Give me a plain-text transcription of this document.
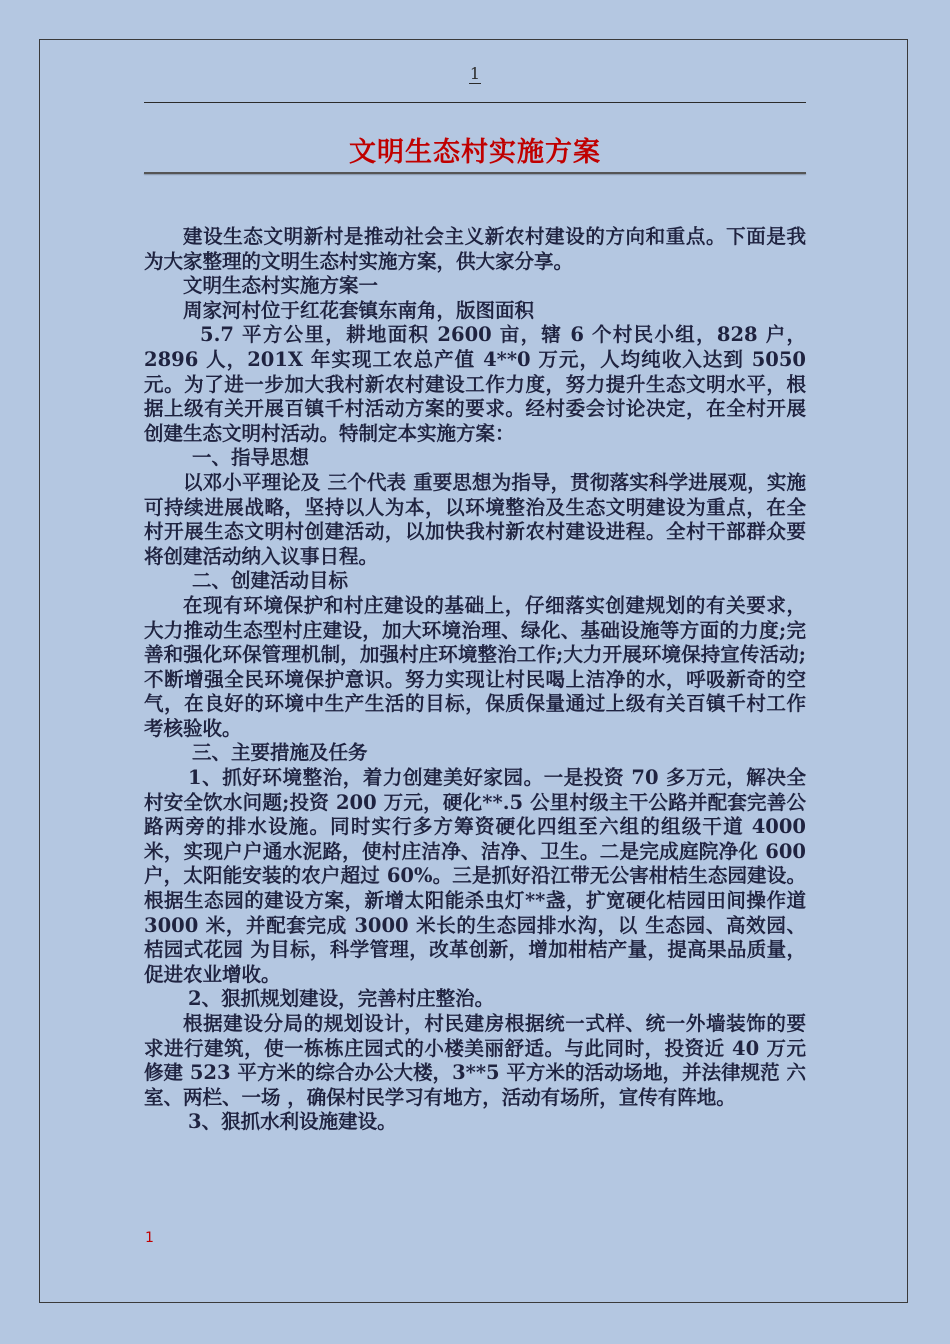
1
文明生态村实施方案

建设生态文明新村是推动社会主义新农村建设的方向和重点。下面是我为大家整理的文明生态村实施方案，供大家分享。

文明生态村实施方案一

周家河村位于红花套镇东南角，版图面积

5.7 平方公里，耕地面积 2600 亩，辖 6 个村民小组，828 户，2896 人，201X 年实现工农总产值 4**0 万元，人均纯收入达到 5050 元。为了进一步加大我村新农村建设工作力度，努力提升生态文明水平，根据上级有关开展百镇千村活动方案的要求。经村委会讨论决定，在全村开展创建生态文明村活动。特制定本实施方案：

一、指导思想

以邓小平理论及 三个代表 重要思想为指导，贯彻落实科学进展观，实施可持续进展战略，坚持以人为本，以环境整治及生态文明建设为重点，在全村开展生态文明村创建活动，以加快我村新农村建设进程。全村干部群众要将创建活动纳入议事日程。

二、创建活动目标

在现有环境保护和村庄建设的基础上，仔细落实创建规划的有关要求，大力推动生态型村庄建设，加大环境治理、绿化、基础设施等方面的力度;完善和强化环保管理机制，加强村庄环境整治工作;大力开展环境保持宣传活动;不断增强全民环境保护意识。努力实现让村民喝上洁净的水，呼吸新奇的空气，在良好的环境中生产生活的目标，保质保量通过上级有关百镇千村工作考核验收。

三、主要措施及任务

1、抓好环境整治，着力创建美好家园。一是投资 70 多万元，解决全村安全饮水问题;投资 200 万元，硬化**.5 公里村级主干公路并配套完善公路两旁的排水设施。同时实行多方筹资硬化四组至六组的组级干道 4000 米，实现户户通水泥路，使村庄洁净、洁净、卫生。二是完成庭院净化 600 户，太阳能安装的农户超过 60%。三是抓好沿江带无公害柑桔生态园建设。根据生态园的建设方案，新增太阳能杀虫灯**盏，扩宽硬化桔园田间操作道 3000 米，并配套完成 3000 米长的生态园排水沟，以 生态园、高效园、桔园式花园 为目标，科学管理，改革创新，增加柑桔产量，提高果品质量，促进农业增收。

2、狠抓规划建设，完善村庄整治。

根据建设分局的规划设计，村民建房根据统一式样、统一外墙装饰的要求进行建筑，使一栋栋庄园式的小楼美丽舒适。与此同时，投资近 40 万元修建 523 平方米的综合办公大楼，3**5 平方米的活动场地，并法律规范 六室、两栏、一场 ，确保村民学习有地方，活动有场所，宣传有阵地。

3、狠抓水利设施建设。

1
